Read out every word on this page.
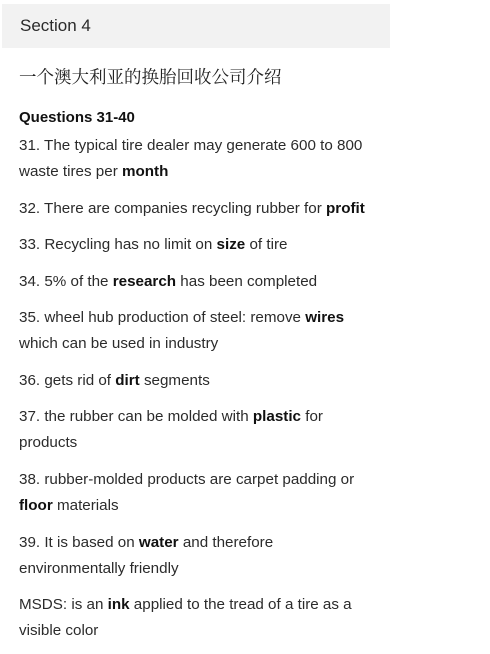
Section 4
一个澳大利亚的换胎回收公司介绍
Questions 31-40
31. The typical tire dealer may generate 600 to 800
waste tires per month
32. There are companies recycling rubber for profit
33. Recycling has no limit on size of tire
34. 5% of the research has been completed
35. wheel hub production of steel: remove wires
which can be used in industry
36. gets rid of dirt segments
37. the rubber can be molded with plastic for
products
38. rubber-molded products are carpet padding or
floor materials
39. It is based on water and therefore
environmentally friendly
MSDS: is an ink applied to the tread of a tire as a
visible color
